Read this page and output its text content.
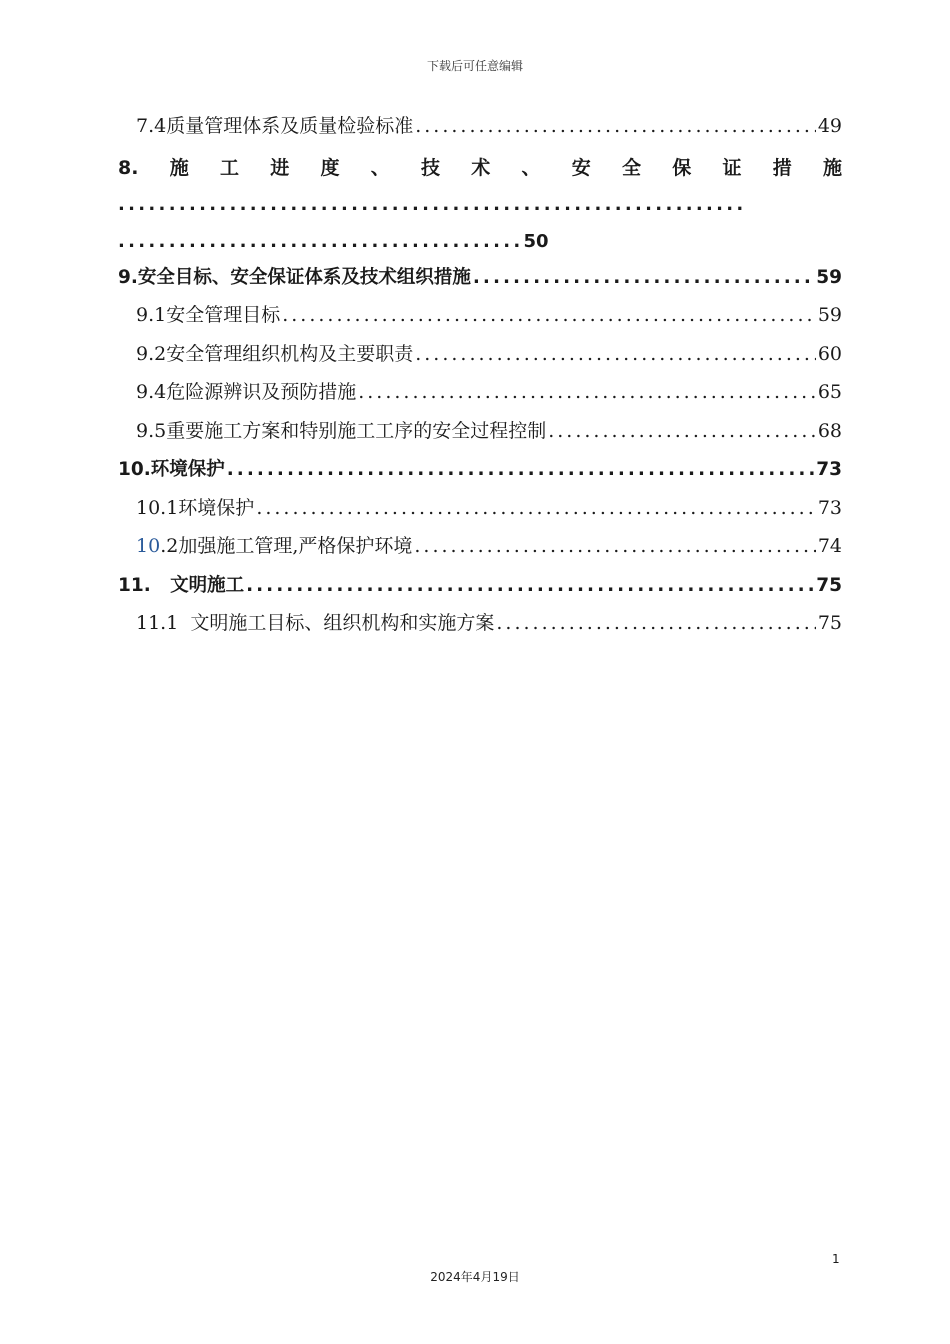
下载后可任意编辑
7.4质量管理体系及质量检验标准 .....	49
8. 施 工 进 度 、 技 术 、 安 全 保 证 措 施
..............................................................
........................................50
9.安全目标、安全保证体系及技术组织措施 .....	59
9.1安全管理目标 .....	59
9.2安全管理组织机构及主要职责 .....	60
9.4危险源辨识及预防措施 .....	65
9.5重要施工方案和特别施工工序的安全过程控制 .....	68
10.环境保护 .....	73
10.1环境保护 .....	73
10.2加强施工管理,严格保护环境 .....	74
11.   文明施工 .....	75
11.1  文明施工目标、组织机构和实施方案 .....	75
1
2024年4月19日
